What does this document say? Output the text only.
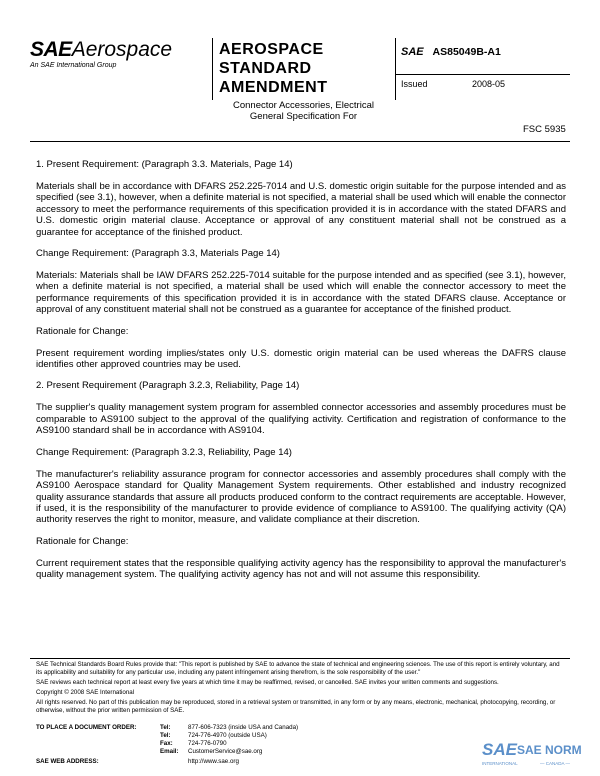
SAEAerospace
An SAE International Group
AEROSPACE
STANDARD
AMENDMENT
SAE AS85049B-A1
Issued	2008-05
Connector Accessories, Electrical
General Specification For
FSC 5935
1. Present Requirement: (Paragraph 3.3. Materials, Page 14)
Materials shall be in accordance with DFARS 252.225-7014 and U.S. domestic origin suitable for the purpose intended and as specified (see 3.1), however, when a definite material is not specified, a material shall be used which will enable the connector accessory to meet the performance requirements of this specification provided it is in accordance with the stated DFARS and U.S. domestic origin material clause. Acceptance or approval of any constituent material shall not be construed as a guarantee for acceptance of the finished product.
Change Requirement: (Paragraph 3.3, Materials Page 14)
Materials: Materials shall be IAW DFARS 252.225-7014 suitable for the purpose intended and as specified (see 3.1), however, when a definite material is not specified, a material shall be used which will enable the connector accessory to meet the performance requirements of this specification provided it is in accordance with the stated DFARS clause. Acceptance or approval of any constituent material shall not be construed as a guarantee for acceptance of the finished product.
Rationale for Change:
Present requirement wording implies/states only U.S. domestic origin material can be used whereas the DAFRS clause identifies other approved countries may be used.
2. Present Requirement (Paragraph 3.2.3, Reliability, Page 14)
The supplier's quality management system program for assembled connector accessories and assembly procedures must be comparable to AS9100 subject to the approval of the qualifying activity. Certification and registration of conformance to the AS9100 standard shall be in accordance with AS9104.
Change Requirement: (Paragraph 3.2.3, Reliability, Page 14)
The manufacturer's reliability assurance program for connector accessories and assembly procedures shall comply with the AS9100 Aerospace standard for Quality Management System requirements. Other established and industry recognized quality assurance standards that assure all products produced conform to the contract requirements are acceptable. However, if used, it is the responsibility of the manufacturer to provide evidence of compliance to AS9100. The qualifying activity (QA) authority reserves the right to monitor, measure, and validate compliance at their discretion.
Rationale for Change:
Current requirement states that the responsible qualifying activity agency has the responsibility to approval the manufacturer's quality management system. The qualifying activity agency has not and will not assume this responsibility.
SAE Technical Standards Board Rules provide that: "This report is published by SAE to advance the state of technical and engineering sciences. The use of this report is entirely voluntary, and its applicability and suitability for any particular use, including any patent infringement arising therefrom, is the sole responsibility of the user."
SAE reviews each technical report at least every five years at which time it may be reaffirmed, revised, or cancelled. SAE invites your written comments and suggestions.
Copyright © 2008 SAE International
All rights reserved. No part of this publication may be reproduced, stored in a retrieval system or transmitted, in any form or by any means, electronic, mechanical, photocopying, recording, or otherwise, without the prior written permission of SAE.
TO PLACE A DOCUMENT ORDER:	Tel:	877-606-7323 (inside USA and Canada)
Tel:	724-776-4970 (outside USA)
Fax: 724-776-0790
Email: CustomerService@sae.org
SAE WEB ADDRESS:	http://www.sae.org
SAE SAE NORM
INTERNATIONAL	— CANADA —
